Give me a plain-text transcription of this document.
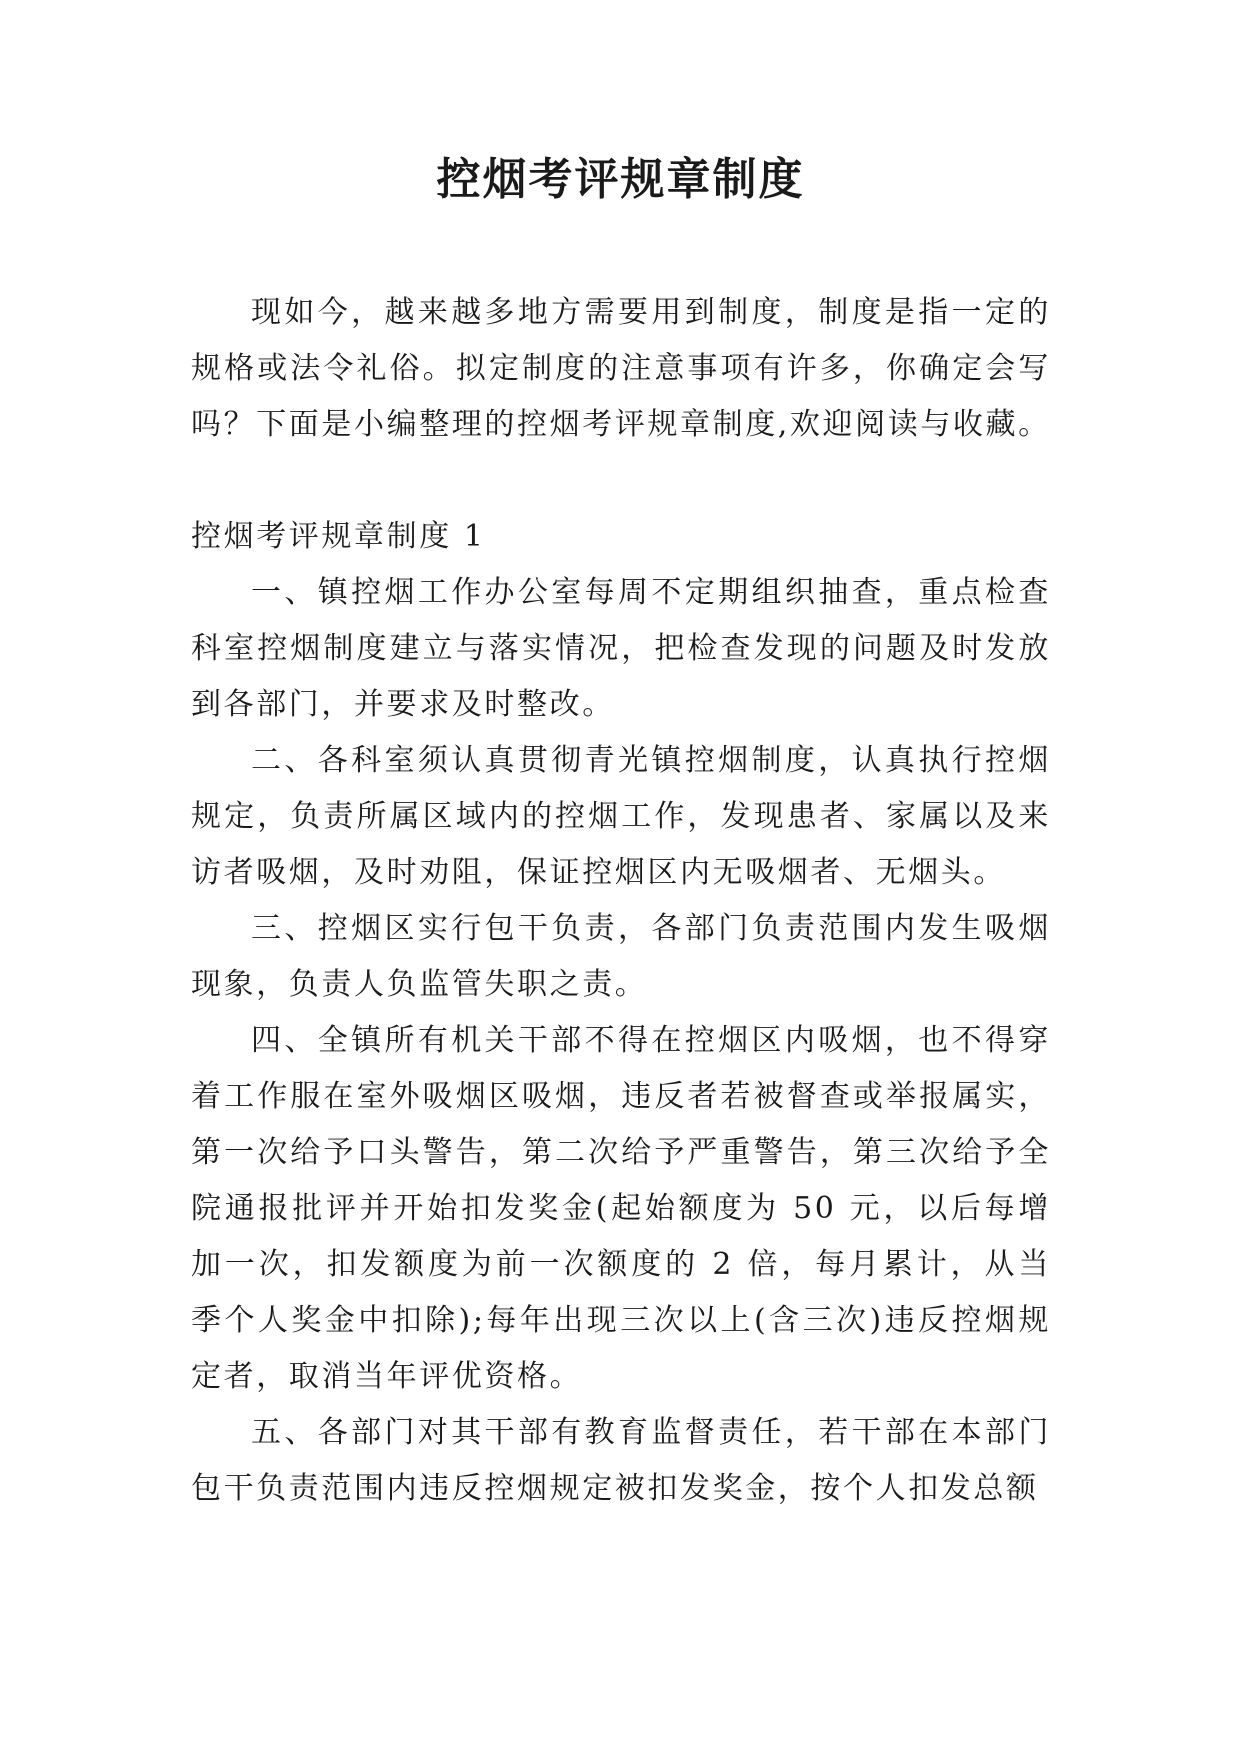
控烟考评规章制度

现如今，越来越多地方需要用到制度，制度是指一定的规格或法令礼俗。拟定制度的注意事项有许多，你确定会写吗？下面是小编整理的控烟考评规章制度,欢迎阅读与收藏。

控烟考评规章制度 1

一、镇控烟工作办公室每周不定期组织抽查，重点检查科室控烟制度建立与落实情况，把检查发现的问题及时发放到各部门，并要求及时整改。

二、各科室须认真贯彻青光镇控烟制度，认真执行控烟规定，负责所属区域内的控烟工作，发现患者、家属以及来访者吸烟，及时劝阻，保证控烟区内无吸烟者、无烟头。

三、控烟区实行包干负责，各部门负责范围内发生吸烟现象，负责人负监管失职之责。

四、全镇所有机关干部不得在控烟区内吸烟，也不得穿着工作服在室外吸烟区吸烟，违反者若被督查或举报属实，第一次给予口头警告，第二次给予严重警告，第三次给予全院通报批评并开始扣发奖金(起始额度为 50 元，以后每增加一次，扣发额度为前一次额度的 2 倍，每月累计，从当季个人奖金中扣除);每年出现三次以上(含三次)违反控烟规定者，取消当年评优资格。

五、各部门对其干部有教育监督责任，若干部在本部门包干负责范围内违反控烟规定被扣发奖金，按个人扣发总额
